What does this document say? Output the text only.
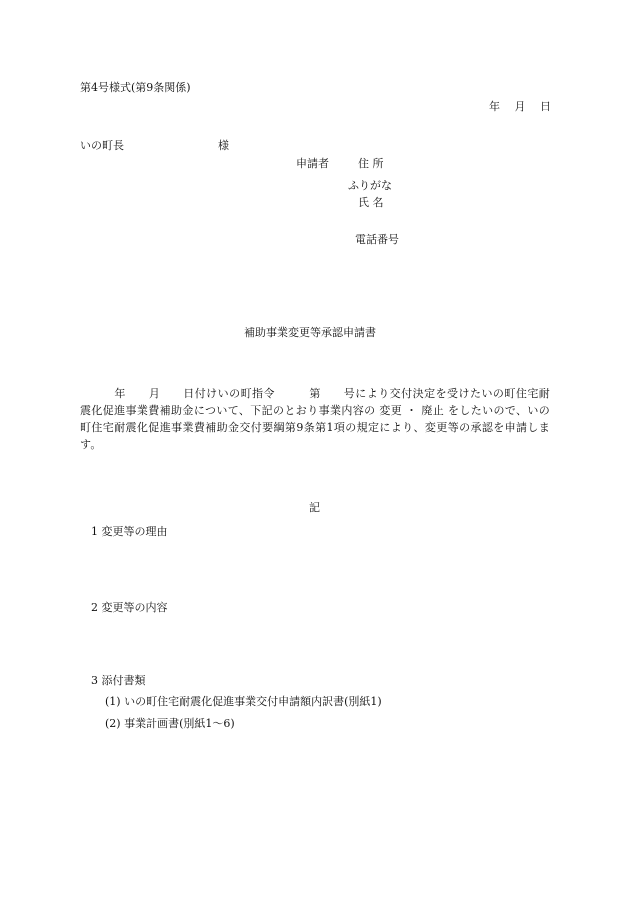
第4号様式(第9条関係)
年　 月　 日
いの町長	様
申請者	住 所
ふりがな
氏 名
電話番号
補助事業変更等承認申請書
　　　年　　月　　日付けいの町指令　　　第　　号により交付決定を受けたいの町住宅耐震化促進事業費補助金について、下記のとおり事業内容の 変更 ・ 廃止 をしたいので、いの町住宅耐震化促進事業費補助金交付要綱第9条第1項の規定により、変更等の承認を申請します。
記
1 変更等の理由
2 変更等の内容
3 添付書類
(1) いの町住宅耐震化促進事業交付申請額内訳書(別紙1)
(2) 事業計画書(別紙1〜6)
